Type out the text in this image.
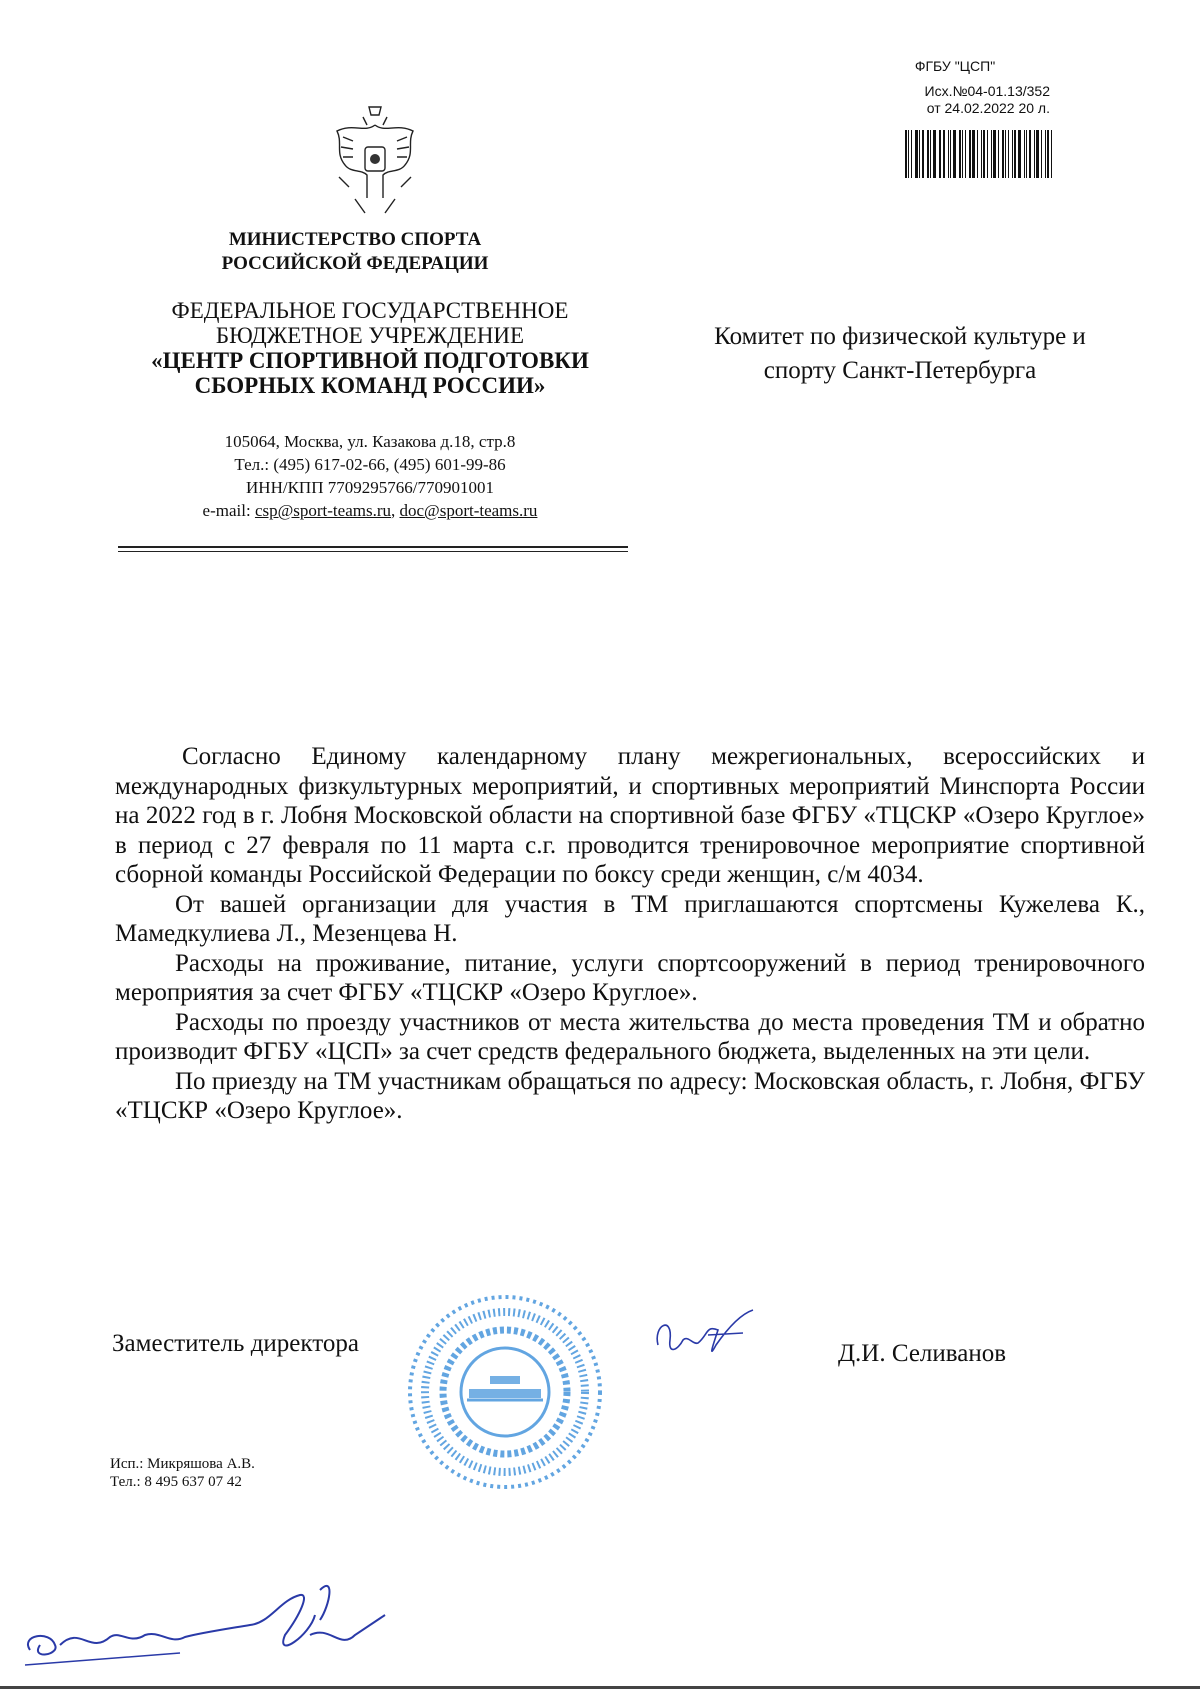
ФГБУ "ЦСП"
Исх.№04-01.13/352
от 24.02.2022 20 л.
МИНИСТЕРСТВО СПОРТА
РОССИЙСКОЙ ФЕДЕРАЦИИ
ФЕДЕРАЛЬНОЕ ГОСУДАРСТВЕННОЕ
БЮДЖЕТНОЕ УЧРЕЖДЕНИЕ
«ЦЕНТР СПОРТИВНОЙ ПОДГОТОВКИ
СБОРНЫХ КОМАНД РОССИИ»
105064, Москва, ул. Казакова д.18, стр.8
Тел.: (495) 617-02-66, (495) 601-99-86
ИНН/КПП 7709295766/770901001
e-mail: csp@sport-teams.ru, doc@sport-teams.ru
Комитет по физической культуре и
спорту Санкт-Петербурга

Согласно Единому календарному плану межрегиональных, всероссийских и международных физкультурных мероприятий, и спортивных мероприятий Минспорта России на 2022 год в г. Лобня Московской области на спортивной базе ФГБУ «ТЦСКР «Озеро Круглое» в период с 27 февраля по 11 марта с.г. проводится тренировочное мероприятие спортивной сборной команды Российской Федерации по боксу среди женщин, с/м 4034.

От вашей организации для участия в ТМ приглашаются спортсмены Кужелева К., Мамедкулиева Л., Мезенцева Н.

Расходы на проживание, питание, услуги спортсооружений в период тренировочного мероприятия за счет ФГБУ «ТЦСКР «Озеро Круглое».

Расходы по проезду участников от места жительства до места проведения ТМ и обратно производит ФГБУ «ЦСП» за счет средств федерального бюджета, выделенных на эти цели.

По приезду на ТМ участникам обращаться по адресу: Московская область, г. Лобня, ФГБУ «ТЦСКР «Озеро Круглое».

Заместитель директора	Д.И. Селиванов
Исп.: Микряшова А.В.
Тел.: 8 495 637 07 42
